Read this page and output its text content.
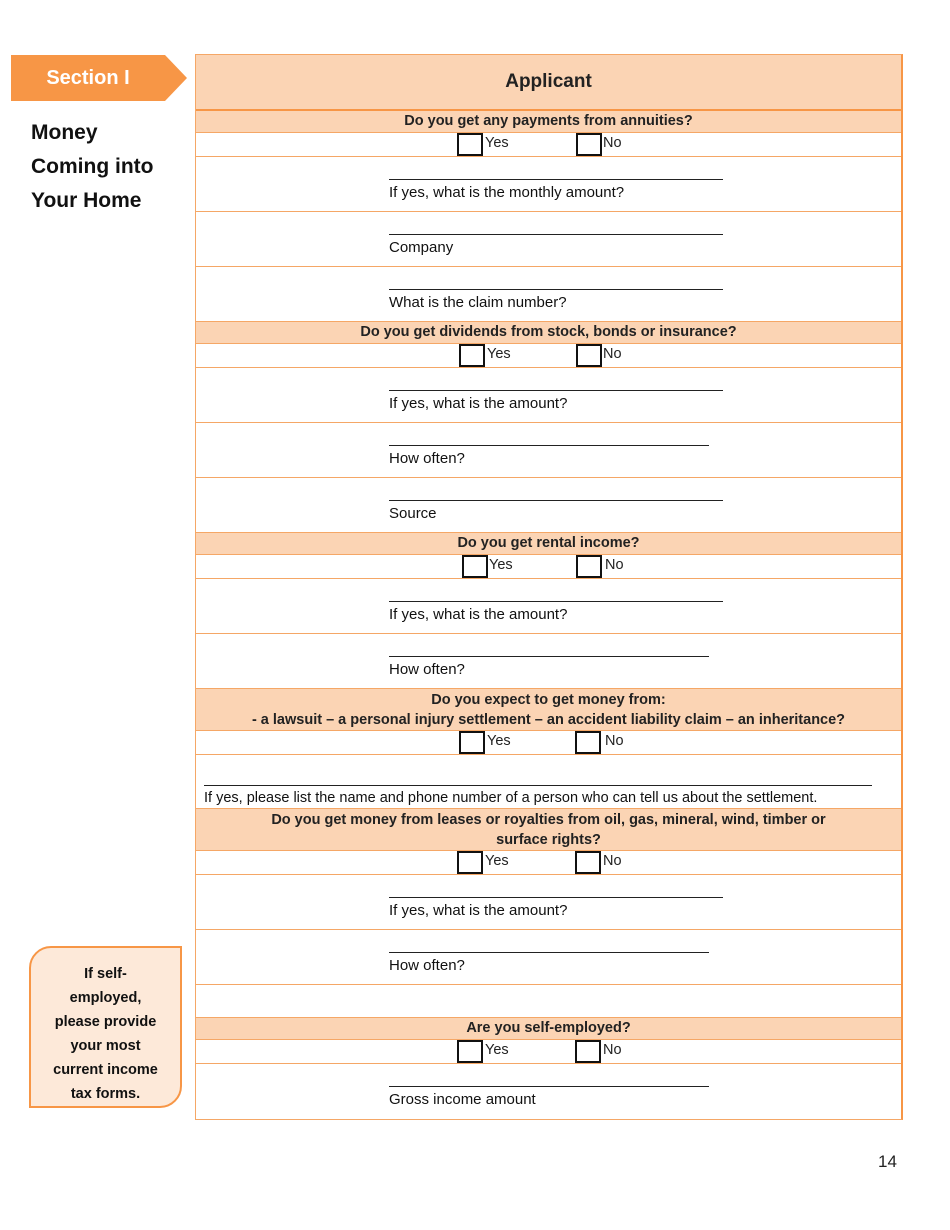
Section I
Money
Coming into
Your Home
If self-
employed,
please provide
your most
current income
tax forms.
Applicant
Do you get any payments from annuities?
Yes	No
If yes, what is the monthly amount?
Company
What is the claim number?
Do you get dividends from stock, bonds or insurance?
Yes	No
If yes, what is the amount?
How often?
Source
Do you get rental income?
Yes	No
If yes, what is the amount?
How often?
Do you expect to get money from:
- a lawsuit – a personal injury settlement – an accident liability claim – an inheritance?
Yes	No
If yes, please list the name and phone number of a person who can tell us about the settlement.
Do you get money from leases or royalties from oil, gas, mineral, wind, timber or
surface rights?
Yes	No
If yes, what is the amount?
How often?
Are you self-employed?
Yes	No
Gross income amount
14
